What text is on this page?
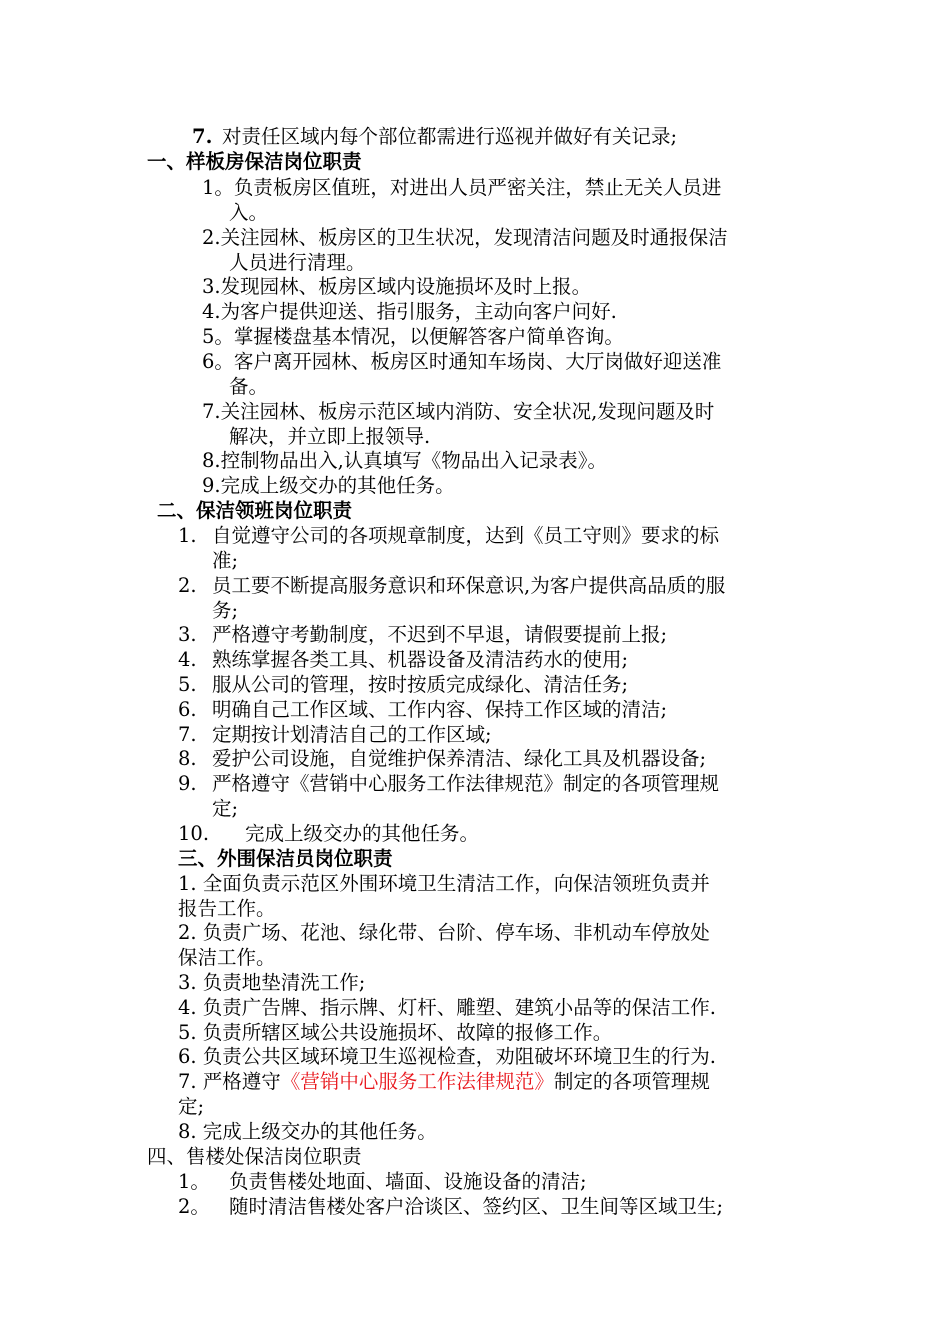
7. 对责任区域内每个部位都需进行巡视并做好有关记录;
一、样板房保洁岗位职责
1。负责板房区值班，对进出人员严密关注，禁止无关人员进
入。
2.关注园林、板房区的卫生状况，发现清洁问题及时通报保洁
人员进行清理。
3.发现园林、板房区域内设施损坏及时上报。
4.为客户提供迎送、指引服务，主动向客户问好.
5。掌握楼盘基本情况，以便解答客户简单咨询。
6。客户离开园林、板房区时通知车场岗、大厅岗做好迎送准
备。
7.关注园林、板房示范区域内消防、安全状况,发现问题及时
解决，并立即上报领导.
8.控制物品出入,认真填写《物品出入记录表》。
9.完成上级交办的其他任务。
二、保洁领班岗位职责
1. 自觉遵守公司的各项规章制度，达到《员工守则》要求的标
准;
2. 员工要不断提高服务意识和环保意识,为客户提供高品质的服
务;
3. 严格遵守考勤制度，不迟到不早退，请假要提前上报;
4. 熟练掌握各类工具、机器设备及清洁药水的使用;
5. 服从公司的管理，按时按质完成绿化、清洁任务;
6. 明确自己工作区域、工作内容、保持工作区域的清洁;
7. 定期按计划清洁自己的工作区域;
8. 爱护公司设施，自觉维护保养清洁、绿化工具及机器设备;
9. 严格遵守《营销中心服务工作法律规范》制定的各项管理规
定;
10. 完成上级交办的其他任务。
三、外围保洁员岗位职责
1. 全面负责示范区外围环境卫生清洁工作，向保洁领班负责并
报告工作。
2. 负责广场、花池、绿化带、台阶、停车场、非机动车停放处
保洁工作。
3. 负责地垫清洗工作;
4. 负责广告牌、指示牌、灯杆、雕塑、建筑小品等的保洁工作.
5. 负责所辖区域公共设施损坏、故障的报修工作。
6. 负责公共区域环境卫生巡视检查，劝阻破坏环境卫生的行为.
7. 严格遵守《营销中心服务工作法律规范》制定的各项管理规
定;
8. 完成上级交办的其他任务。
四、售楼处保洁岗位职责
1。 负责售楼处地面、墙面、设施设备的清洁;
2。 随时清洁售楼处客户洽谈区、签约区、卫生间等区域卫生;
